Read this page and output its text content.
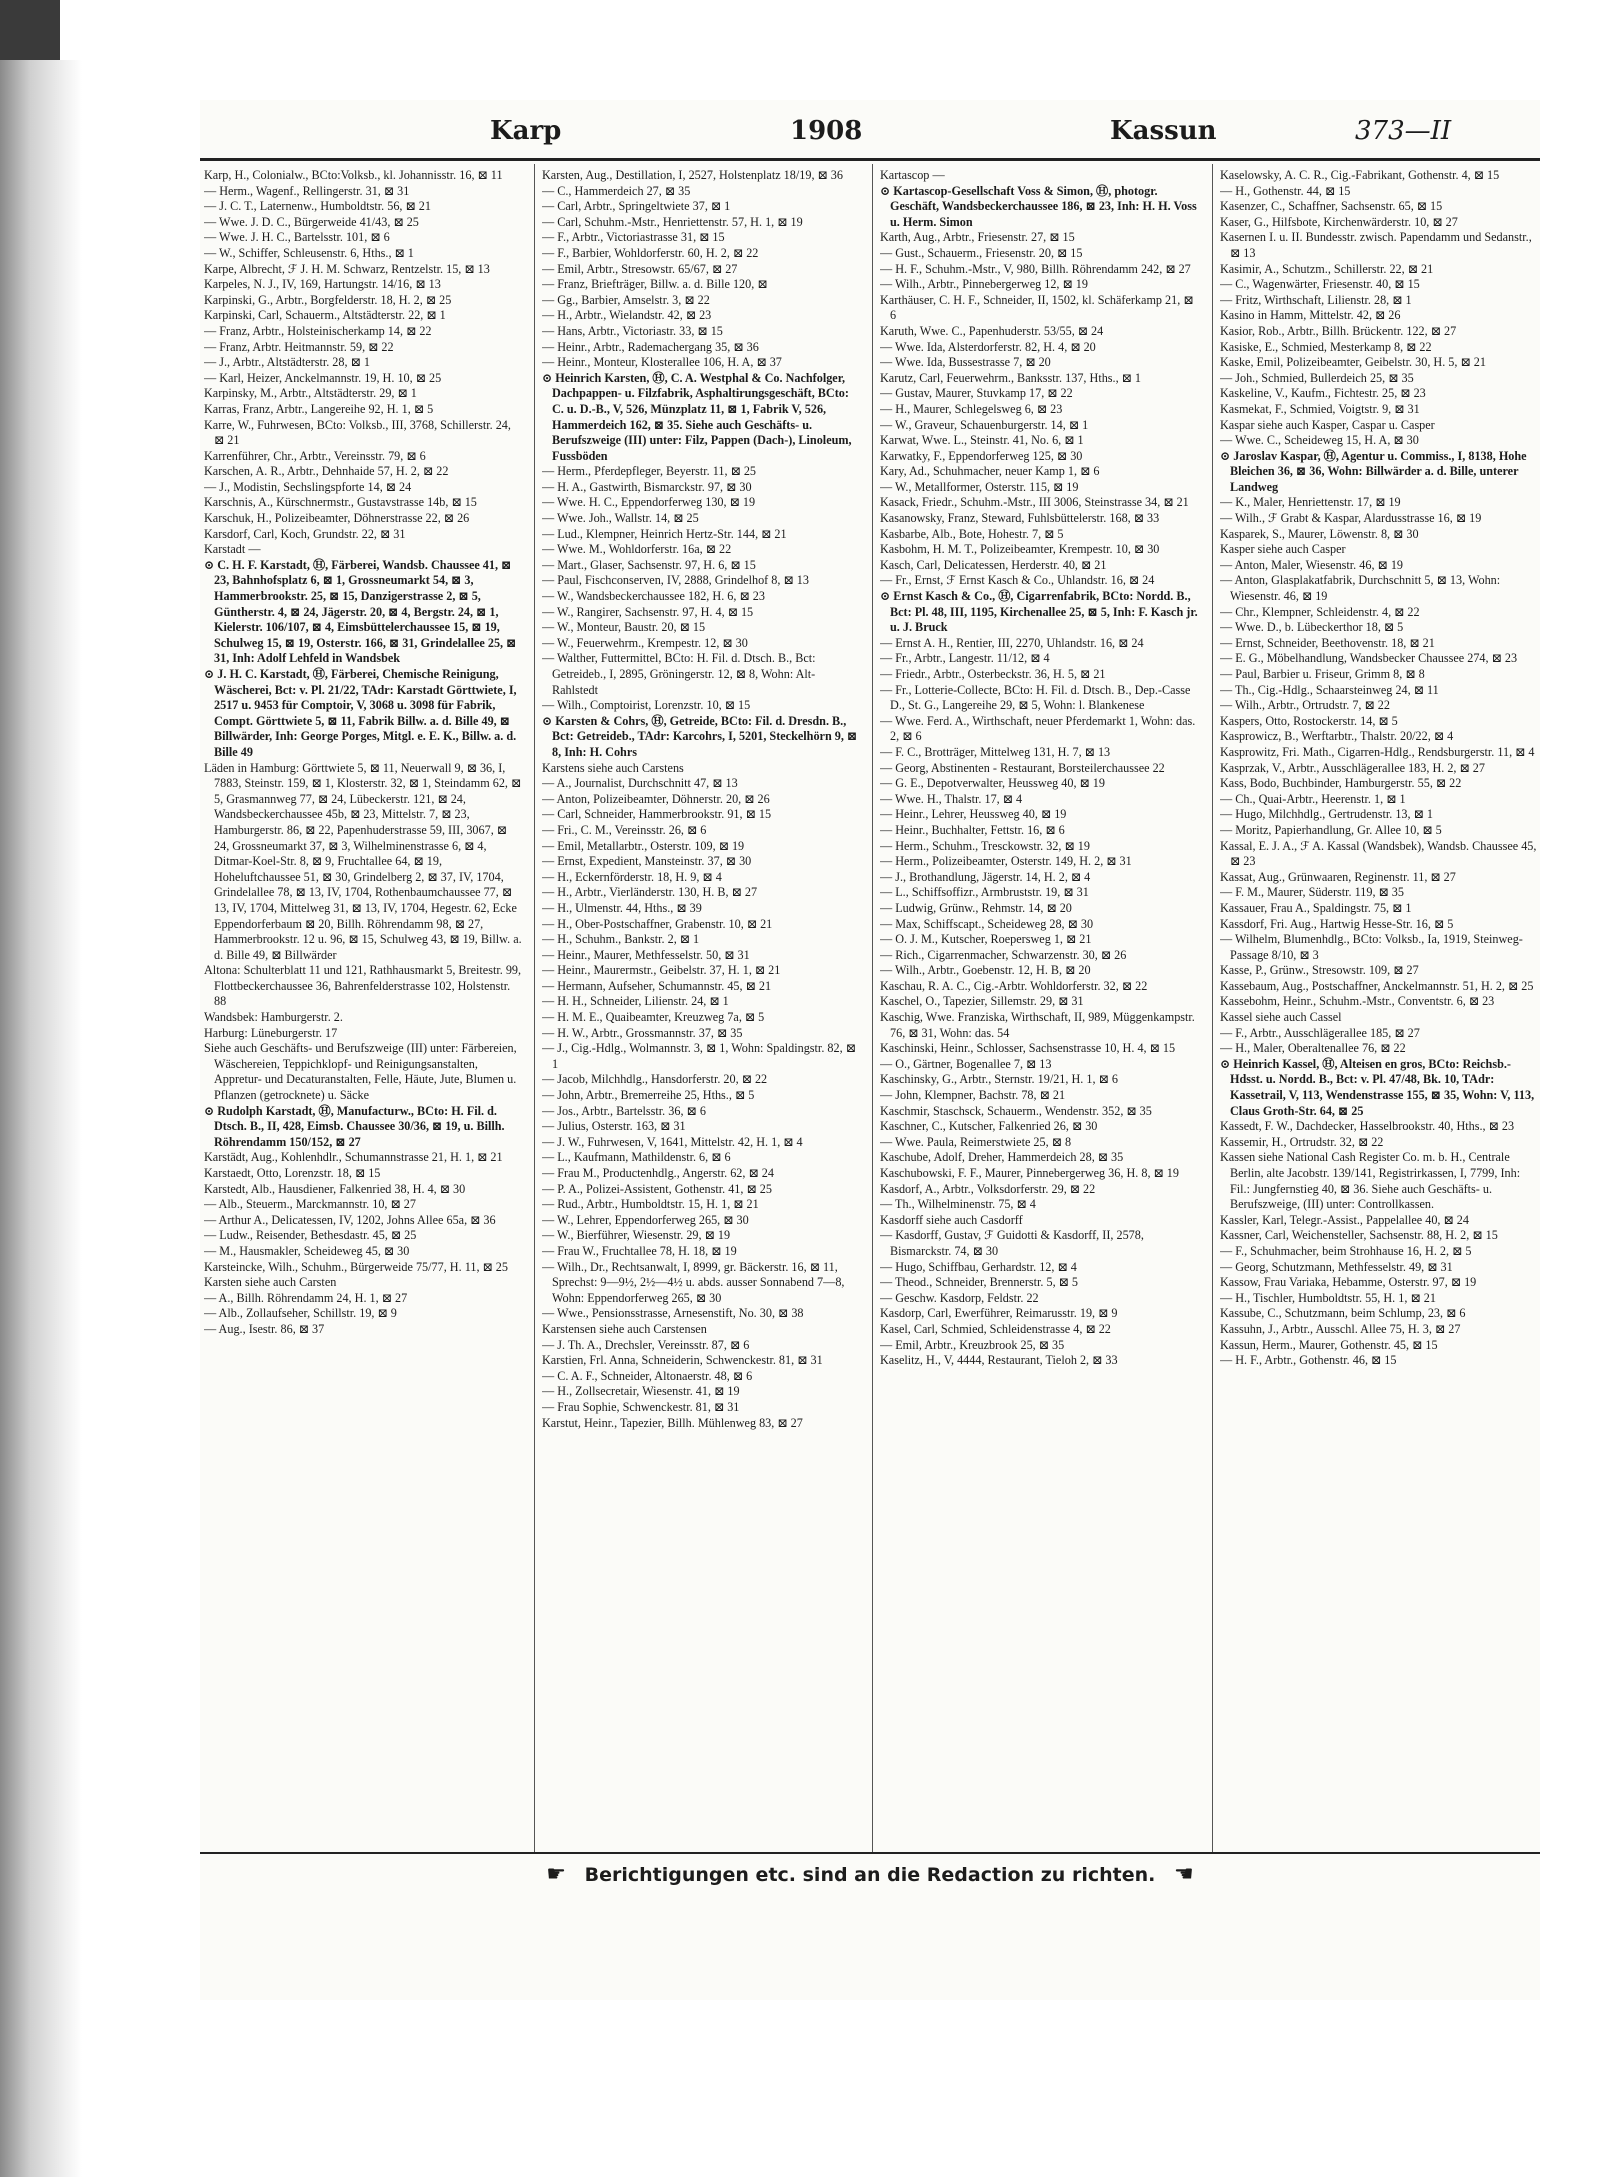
Karp	1908	Kassun	373—II

Karp, H., Colonialw., BCto:Volksb., kl. Johannisstr. 16, ⊠ 11

— Herm., Wagenf., Rellingerstr. 31, ⊠ 31

— J. C. T., Laternenw., Humboldtstr. 56, ⊠ 21

— Wwe. J. D. C., Bürgerweide 41/43, ⊠ 25

— Wwe. J. H. C., Bartelsstr. 101, ⊠ 6

— W., Schiffer, Schleusenstr. 6, Hths., ⊠ 1

Karpe, Albrecht, ℱ J. H. M. Schwarz, Rentzelstr. 15, ⊠ 13

Karpeles, N. J., IV, 169, Hartungstr. 14/16, ⊠ 13

Karpinski, G., Arbtr., Borgfelderstr. 18, H. 2, ⊠ 25

Karpinski, Carl, Schauerm., Altstädterstr. 22, ⊠ 1

— Franz, Arbtr., Holsteinischerkamp 14, ⊠ 22

— Franz, Arbtr. Heitmannstr. 59, ⊠ 22

— J., Arbtr., Altstädterstr. 28, ⊠ 1

— Karl, Heizer, Anckelmannstr. 19, H. 10, ⊠ 25

Karpinsky, M., Arbtr., Altstädterstr. 29, ⊠ 1

Karras, Franz, Arbtr., Langereihe 92, H. 1, ⊠ 5

Karre, W., Fuhrwesen, BCto: Volksb., III, 3768, Schillerstr. 24, ⊠ 21

Karrenführer, Chr., Arbtr., Vereinsstr. 79, ⊠ 6

Karschen, A. R., Arbtr., Dehnhaide 57, H. 2, ⊠ 22

— J., Modistin, Sechslingspforte 14, ⊠ 24

Karschnis, A., Kürschnermstr., Gustavstrasse 14b, ⊠ 15

Karschuk, H., Polizeibeamter, Döhnerstrasse 22, ⊠ 26

Karsdorf, Carl, Koch, Grundstr. 22, ⊠ 31

Karstadt —

⊙ C. H. F. Karstadt, Ⓗ, Färberei, Wandsb. Chaussee 41, ⊠ 23, Bahnhofsplatz 6, ⊠ 1, Grossneumarkt 54, ⊠ 3, Hammerbrookstr. 25, ⊠ 15, Danzigerstrasse 2, ⊠ 5, Güntherstr. 4, ⊠ 24, Jägerstr. 20, ⊠ 4, Bergstr. 24, ⊠ 1, Kielerstr. 106/107, ⊠ 4, Eimsbüttelerchaussee 15, ⊠ 19, Schulweg 15, ⊠ 19, Osterstr. 166, ⊠ 31, Grindelallee 25, ⊠ 31, Inh: Adolf Lehfeld in Wandsbek

⊙ J. H. C. Karstadt, Ⓗ, Färberei, Chemische Reinigung, Wäscherei, Bct: v. Pl. 21/22, TAdr: Karstadt Görttwiete, I, 2517 u. 9453 für Comptoir, V, 3068 u. 3098 für Fabrik, Compt. Görttwiete 5, ⊠ 11, Fabrik Billw. a. d. Bille 49, ⊠ Billwärder, Inh: George Porges, Mitgl. e. E. K., Billw. a. d. Bille 49

Läden in Hamburg: Görttwiete 5, ⊠ 11, Neuerwall 9, ⊠ 36, I, 7883, Steinstr. 159, ⊠ 1, Klosterstr. 32, ⊠ 1, Steindamm 62, ⊠ 5, Grasmannweg 77, ⊠ 24, Lübeckerstr. 121, ⊠ 24, Wandsbeckerchaussee 45b, ⊠ 23, Mittelstr. 7, ⊠ 23, Hamburgerstr. 86, ⊠ 22, Papenhuderstrasse 59, III, 3067, ⊠ 24, Grossneumarkt 37, ⊠ 3, Wilhelminenstrasse 6, ⊠ 4, Ditmar-Koel-Str. 8, ⊠ 9, Fruchtallee 64, ⊠ 19, Hoheluftchaussee 51, ⊠ 30, Grindelberg 2, ⊠ 37, IV, 1704, Grindelallee 78, ⊠ 13, IV, 1704, Rothenbaumchaussee 77, ⊠ 13, IV, 1704, Mittelweg 31, ⊠ 13, IV, 1704, Hegestr. 62, Ecke Eppendorferbaum ⊠ 20, Billh. Röhrendamm 98, ⊠ 27, Hammerbrookstr. 12 u. 96, ⊠ 15, Schulweg 43, ⊠ 19, Billw. a. d. Bille 49, ⊠ Billwärder

Altona: Schulterblatt 11 und 121, Rathhausmarkt 5, Breitestr. 99, Flottbeckerchaussee 36, Bahrenfelderstrasse 102, Holstenstr. 88

Wandsbek: Hamburgerstr. 2.

Harburg: Lüneburgerstr. 17

Siehe auch Geschäfts- und Berufszweige (III) unter: Färbereien, Wäschereien, Teppichklopf- und Reinigungsanstalten, Appretur- und Decaturanstalten, Felle, Häute, Jute, Blumen u. Pflanzen (getrocknete) u. Säcke

⊙ Rudolph Karstadt, Ⓗ, Manufacturw., BCto: H. Fil. d. Dtsch. B., II, 428, Eimsb. Chaussee 30/36, ⊠ 19, u. Billh. Röhrendamm 150/152, ⊠ 27

Karstädt, Aug., Kohlenhdlr., Schumannstrasse 21, H. 1, ⊠ 21

Karstaedt, Otto, Lorenzstr. 18, ⊠ 15

Karstedt, Alb., Hausdiener, Falkenried 38, H. 4, ⊠ 30

— Alb., Steuerm., Marckmannstr. 10, ⊠ 27

— Arthur A., Delicatessen, IV, 1202, Johns Allee 65a, ⊠ 36

— Ludw., Reisender, Bethesdastr. 45, ⊠ 25

— M., Hausmakler, Scheideweg 45, ⊠ 30

Karsteincke, Wilh., Schuhm., Bürgerweide 75/77, H. 11, ⊠ 25

Karsten siehe auch Carsten

— A., Billh. Röhrendamm 24, H. 1, ⊠ 27

— Alb., Zollaufseher, Schillstr. 19, ⊠ 9

— Aug., Isestr. 86, ⊠ 37

Karsten, Aug., Destillation, I, 2527, Holstenplatz 18/19, ⊠ 36

— C., Hammerdeich 27, ⊠ 35

— Carl, Arbtr., Springeltwiete 37, ⊠ 1

— Carl, Schuhm.-Mstr., Henriettenstr. 57, H. 1, ⊠ 19

— F., Arbtr., Victoriastrasse 31, ⊠ 15

— F., Barbier, Wohldorferstr. 60, H. 2, ⊠ 22

— Emil, Arbtr., Stresowstr. 65/67, ⊠ 27

— Franz, Briefträger, Billw. a. d. Bille 120, ⊠

— Gg., Barbier, Amselstr. 3, ⊠ 22

— H., Arbtr., Wielandstr. 42, ⊠ 23

— Hans, Arbtr., Victoriastr. 33, ⊠ 15

— Heinr., Arbtr., Rademachergang 35, ⊠ 36

— Heinr., Monteur, Klosterallee 106, H. A, ⊠ 37

⊙ Heinrich Karsten, Ⓗ, C. A. Westphal & Co. Nachfolger, Dachpappen- u. Filzfabrik, Asphaltirungsgeschäft, BCto: C. u. D.-B., V, 526, Münzplatz 11, ⊠ 1, Fabrik V, 526, Hammerdeich 162, ⊠ 35. Siehe auch Geschäfts- u. Berufszweige (III) unter: Filz, Pappen (Dach-), Linoleum, Fussböden

— Herm., Pferdepfleger, Beyerstr. 11, ⊠ 25

— H. A., Gastwirth, Bismarckstr. 97, ⊠ 30

— Wwe. H. C., Eppendorferweg 130, ⊠ 19

— Wwe. Joh., Wallstr. 14, ⊠ 25

— Lud., Klempner, Heinrich Hertz-Str. 144, ⊠ 21

— Wwe. M., Wohldorferstr. 16a, ⊠ 22

— Mart., Glaser, Sachsenstr. 97, H. 6, ⊠ 15

— Paul, Fischconserven, IV, 2888, Grindelhof 8, ⊠ 13

— W., Wandsbeckerchaussee 182, H. 6, ⊠ 23

— W., Rangirer, Sachsenstr. 97, H. 4, ⊠ 15

— W., Monteur, Baustr. 20, ⊠ 15

— W., Feuerwehrm., Krempestr. 12, ⊠ 30

— Walther, Futtermittel, BCto: H. Fil. d. Dtsch. B., Bct: Getreideb., I, 2895, Gröningerstr. 12, ⊠ 8, Wohn: Alt-Rahlstedt

— Wilh., Comptoirist, Lorenzstr. 10, ⊠ 15

⊙ Karsten & Cohrs, Ⓗ, Getreide, BCto: Fil. d. Dresdn. B., Bct: Getreideb., TAdr: Karcohrs, I, 5201, Steckelhörn 9, ⊠ 8, Inh: H. Cohrs

Karstens siehe auch Carstens

— A., Journalist, Durchschnitt 47, ⊠ 13

— Anton, Polizeibeamter, Döhnerstr. 20, ⊠ 26

— Carl, Schneider, Hammerbrookstr. 91, ⊠ 15

— Fri., C. M., Vereinsstr. 26, ⊠ 6

— Emil, Metallarbtr., Osterstr. 109, ⊠ 19

— Ernst, Expedient, Mansteinstr. 37, ⊠ 30

— H., Eckernförderstr. 18, H. 9, ⊠ 4

— H., Arbtr., Vierländerstr. 130, H. B, ⊠ 27

— H., Ulmenstr. 44, Hths., ⊠ 39

— H., Ober-Postschaffner, Grabenstr. 10, ⊠ 21

— H., Schuhm., Bankstr. 2, ⊠ 1

— Heinr., Maurer, Methfesselstr. 50, ⊠ 31

— Heinr., Maurermstr., Geibelstr. 37, H. 1, ⊠ 21

— Hermann, Aufseher, Schumannstr. 45, ⊠ 21

— H. H., Schneider, Lilienstr. 24, ⊠ 1

— H. M. E., Quaibeamter, Kreuzweg 7a, ⊠ 5

— H. W., Arbtr., Grossmannstr. 37, ⊠ 35

— J., Cig.-Hdlg., Wolmannstr. 3, ⊠ 1, Wohn: Spaldingstr. 82, ⊠ 1

— Jacob, Milchhdlg., Hansdorferstr. 20, ⊠ 22

— John, Arbtr., Bremerreihe 25, Hths., ⊠ 5

— Jos., Arbtr., Bartelsstr. 36, ⊠ 6

— Julius, Osterstr. 163, ⊠ 31

— J. W., Fuhrwesen, V, 1641, Mittelstr. 42, H. 1, ⊠ 4

— L., Kaufmann, Mathildenstr. 6, ⊠ 6

— Frau M., Productenhdlg., Angerstr. 62, ⊠ 24

— P. A., Polizei-Assistent, Gothenstr. 41, ⊠ 25

— Rud., Arbtr., Humboldtstr. 15, H. 1, ⊠ 21

— W., Lehrer, Eppendorferweg 265, ⊠ 30

— W., Bierführer, Wiesenstr. 29, ⊠ 19

— Frau W., Fruchtallee 78, H. 18, ⊠ 19

— Wilh., Dr., Rechtsanwalt, I, 8999, gr. Bäckerstr. 16, ⊠ 11, Sprechst: 9—9½, 2½—4½ u. abds. ausser Sonnabend 7—8, Wohn: Eppendorferweg 265, ⊠ 30

— Wwe., Pensionsstrasse, Arnesenstift, No. 30, ⊠ 38

Karstensen siehe auch Carstensen

— J. Th. A., Drechsler, Vereinsstr. 87, ⊠ 6

Karstien, Frl. Anna, Schneiderin, Schwenckestr. 81, ⊠ 31

— C. A. F., Schneider, Altonaerstr. 48, ⊠ 6

— H., Zollsecretair, Wiesenstr. 41, ⊠ 19

— Frau Sophie, Schwenckestr. 81, ⊠ 31

Karstut, Heinr., Tapezier, Billh. Mühlenweg 83, ⊠ 27

Kartascop —

⊙ Kartascop-Gesellschaft Voss & Simon, Ⓗ, photogr. Geschäft, Wandsbeckerchaussee 186, ⊠ 23, Inh: H. H. Voss u. Herm. Simon

Karth, Aug., Arbtr., Friesenstr. 27, ⊠ 15

— Gust., Schauerm., Friesenstr. 20, ⊠ 15

— H. F., Schuhm.-Mstr., V, 980, Billh. Röhrendamm 242, ⊠ 27

— Wilh., Arbtr., Pinnebergerweg 12, ⊠ 19

Karthäuser, C. H. F., Schneider, II, 1502, kl. Schäferkamp 21, ⊠ 6

Karuth, Wwe. C., Papenhuderstr. 53/55, ⊠ 24

— Wwe. Ida, Alsterdorferstr. 82, H. 4, ⊠ 20

— Wwe. Ida, Bussestrasse 7, ⊠ 20

Karutz, Carl, Feuerwehrm., Banksstr. 137, Hths., ⊠ 1

— Gustav, Maurer, Stuvkamp 17, ⊠ 22

— H., Maurer, Schlegelsweg 6, ⊠ 23

— W., Graveur, Schauenburgerstr. 14, ⊠ 1

Karwat, Wwe. L., Steinstr. 41, No. 6, ⊠ 1

Karwatky, F., Eppendorferweg 125, ⊠ 30

Kary, Ad., Schuhmacher, neuer Kamp 1, ⊠ 6

— W., Metallformer, Osterstr. 115, ⊠ 19

Kasack, Friedr., Schuhm.-Mstr., III 3006, Steinstrasse 34, ⊠ 21

Kasanowsky, Franz, Steward, Fuhlsbüttelerstr. 168, ⊠ 33

Kasbarbe, Alb., Bote, Hohestr. 7, ⊠ 5

Kasbohm, H. M. T., Polizeibeamter, Krempestr. 10, ⊠ 30

Kasch, Carl, Delicatessen, Herderstr. 40, ⊠ 21

— Fr., Ernst, ℱ Ernst Kasch & Co., Uhlandstr. 16, ⊠ 24

⊙ Ernst Kasch & Co., Ⓗ, Cigarrenfabrik, BCto: Nordd. B., Bct: Pl. 48, III, 1195, Kirchenallee 25, ⊠ 5, Inh: F. Kasch jr. u. J. Bruck

— Ernst A. H., Rentier, III, 2270, Uhlandstr. 16, ⊠ 24

— Fr., Arbtr., Langestr. 11/12, ⊠ 4

— Friedr., Arbtr., Osterbeckstr. 36, H. 5, ⊠ 21

— Fr., Lotterie-Collecte, BCto: H. Fil. d. Dtsch. B., Dep.-Casse D., St. G., Langereihe 29, ⊠ 5, Wohn: l. Blankenese

— Wwe. Ferd. A., Wirthschaft, neuer Pferdemarkt 1, Wohn: das. 2, ⊠ 6

— F. C., Brotträger, Mittelweg 131, H. 7, ⊠ 13

— Georg, Abstinenten - Restaurant, Borsteilerchaussee 22

— G. E., Depotverwalter, Heussweg 40, ⊠ 19

— Wwe. H., Thalstr. 17, ⊠ 4

— Heinr., Lehrer, Heussweg 40, ⊠ 19

— Heinr., Buchhalter, Fettstr. 16, ⊠ 6

— Herm., Schuhm., Tresckowstr. 32, ⊠ 19

— Herm., Polizeibeamter, Osterstr. 149, H. 2, ⊠ 31

— J., Brothandlung, Jägerstr. 14, H. 2, ⊠ 4

— L., Schiffsoffizr., Armbruststr. 19, ⊠ 31

— Ludwig, Grünw., Rehmstr. 14, ⊠ 20

— Max, Schiffscapt., Scheideweg 28, ⊠ 30

— O. J. M., Kutscher, Roepersweg 1, ⊠ 21

— Rich., Cigarrenmacher, Schwarzenstr. 30, ⊠ 26

— Wilh., Arbtr., Goebenstr. 12, H. B, ⊠ 20

Kaschau, R. A. C., Cig.-Arbtr. Wohldorferstr. 32, ⊠ 22

Kaschel, O., Tapezier, Sillemstr. 29, ⊠ 31

Kaschig, Wwe. Franziska, Wirthschaft, II, 989, Müggenkampstr. 76, ⊠ 31, Wohn: das. 54

Kaschinski, Heinr., Schlosser, Sachsenstrasse 10, H. 4, ⊠ 15

— O., Gärtner, Bogenallee 7, ⊠ 13

Kaschinsky, G., Arbtr., Sternstr. 19/21, H. 1, ⊠ 6

— John, Klempner, Bachstr. 78, ⊠ 21

Kaschmir, Staschsck, Schauerm., Wendenstr. 352, ⊠ 35

Kaschner, C., Kutscher, Falkenried 26, ⊠ 30

— Wwe. Paula, Reimerstwiete 25, ⊠ 8

Kaschube, Adolf, Dreher, Hammerdeich 28, ⊠ 35

Kaschubowski, F. F., Maurer, Pinnebergerweg 36, H. 8, ⊠ 19

Kasdorf, A., Arbtr., Volksdorferstr. 29, ⊠ 22

— Th., Wilhelminenstr. 75, ⊠ 4

Kasdorff siehe auch Casdorff

— Kasdorff, Gustav, ℱ Guidotti & Kasdorff, II, 2578, Bismarckstr. 74, ⊠ 30

— Hugo, Schiffbau, Gerhardstr. 12, ⊠ 4

— Theod., Schneider, Brennerstr. 5, ⊠ 5

— Geschw. Kasdorp, Feldstr. 22

Kasdorp, Carl, Ewerführer, Reimarusstr. 19, ⊠ 9

Kasel, Carl, Schmied, Schleidenstrasse 4, ⊠ 22

— Emil, Arbtr., Kreuzbrook 25, ⊠ 35

Kaselitz, H., V, 4444, Restaurant, Tieloh 2, ⊠ 33

Kaselowsky, A. C. R., Cig.-Fabrikant, Gothenstr. 4, ⊠ 15

— H., Gothenstr. 44, ⊠ 15

Kasenzer, C., Schaffner, Sachsenstr. 65, ⊠ 15

Kaser, G., Hilfsbote, Kirchenwärderstr. 10, ⊠ 27

Kasernen I. u. II. Bundesstr. zwisch. Papendamm und Sedanstr., ⊠ 13

Kasimir, A., Schutzm., Schillerstr. 22, ⊠ 21

— C., Wagenwärter, Friesenstr. 40, ⊠ 15

— Fritz, Wirthschaft, Lilienstr. 28, ⊠ 1

Kasino in Hamm, Mittelstr. 42, ⊠ 26

Kasior, Rob., Arbtr., Billh. Brückentr. 122, ⊠ 27

Kasiske, E., Schmied, Mesterkamp 8, ⊠ 22

Kaske, Emil, Polizeibeamter, Geibelstr. 30, H. 5, ⊠ 21

— Joh., Schmied, Bullerdeich 25, ⊠ 35

Kaskeline, V., Kaufm., Fichtestr. 25, ⊠ 23

Kasmekat, F., Schmied, Voigtstr. 9, ⊠ 31

Kaspar siehe auch Kasper, Caspar u. Casper

— Wwe. C., Scheideweg 15, H. A, ⊠ 30

⊙ Jaroslav Kaspar, Ⓗ, Agentur u. Commiss., I, 8138, Hohe Bleichen 36, ⊠ 36, Wohn: Billwärder a. d. Bille, unterer Landweg

— K., Maler, Henriettenstr. 17, ⊠ 19

— Wilh., ℱ Grabt & Kaspar, Alardusstrasse 16, ⊠ 19

Kasparek, S., Maurer, Löwenstr. 8, ⊠ 30

Kasper siehe auch Casper

— Anton, Maler, Wiesenstr. 46, ⊠ 19

— Anton, Glasplakatfabrik, Durchschnitt 5, ⊠ 13, Wohn: Wiesenstr. 46, ⊠ 19

— Chr., Klempner, Schleidenstr. 4, ⊠ 22

— Wwe. D., b. Lübeckerthor 18, ⊠ 5

— Ernst, Schneider, Beethovenstr. 18, ⊠ 21

— E. G., Möbelhandlung, Wandsbecker Chaussee 274, ⊠ 23

— Paul, Barbier u. Friseur, Grimm 8, ⊠ 8

— Th., Cig.-Hdlg., Schaarsteinweg 24, ⊠ 11

— Wilh., Arbtr., Ortrudstr. 7, ⊠ 22

Kaspers, Otto, Rostockerstr. 14, ⊠ 5

Kasprowicz, B., Werftarbtr., Thalstr. 20/22, ⊠ 4

Kasprowitz, Fri. Math., Cigarren-Hdlg., Rendsburgerstr. 11, ⊠ 4

Kasprzak, V., Arbtr., Ausschlägerallee 183, H. 2, ⊠ 27

Kass, Bodo, Buchbinder, Hamburgerstr. 55, ⊠ 22

— Ch., Quai-Arbtr., Heerenstr. 1, ⊠ 1

— Hugo, Milchhdlg., Gertrudenstr. 13, ⊠ 1

— Moritz, Papierhandlung, Gr. Allee 10, ⊠ 5

Kassal, E. J. A., ℱ A. Kassal (Wandsbek), Wandsb. Chaussee 45, ⊠ 23

Kassat, Aug., Grünwaaren, Reginenstr. 11, ⊠ 27

— F. M., Maurer, Süderstr. 119, ⊠ 35

Kassauer, Frau A., Spaldingstr. 75, ⊠ 1

Kassdorf, Fri. Aug., Hartwig Hesse-Str. 16, ⊠ 5

— Wilhelm, Blumenhdlg., BCto: Volksb., Ia, 1919, Steinweg-Passage 8/10, ⊠ 3

Kasse, P., Grünw., Stresowstr. 109, ⊠ 27

Kassebaum, Aug., Postschaffner, Anckelmannstr. 51, H. 2, ⊠ 25

Kassebohm, Heinr., Schuhm.-Mstr., Conventstr. 6, ⊠ 23

Kassel siehe auch Cassel

— F., Arbtr., Ausschlägerallee 185, ⊠ 27

— H., Maler, Oberaltenallee 76, ⊠ 22

⊙ Heinrich Kassel, Ⓗ, Alteisen en gros, BCto: Reichsb.-Hdsst. u. Nordd. B., Bct: v. Pl. 47/48, Bk. 10, TAdr: Kassetrail, V, 113, Wendenstrasse 155, ⊠ 35, Wohn: V, 113, Claus Groth-Str. 64, ⊠ 25

Kassedt, F. W., Dachdecker, Hasselbrookstr. 40, Hths., ⊠ 23

Kassemir, H., Ortrudstr. 32, ⊠ 22

Kassen siehe National Cash Register Co. m. b. H., Centrale Berlin, alte Jacobstr. 139/141, Registrirkassen, I, 7799, Inh: Fil.: Jungfernstieg 40, ⊠ 36. Siehe auch Geschäfts- u. Berufszweige, (III) unter: Controllkassen.

Kassler, Karl, Telegr.-Assist., Pappelallee 40, ⊠ 24

Kassner, Carl, Weichensteller, Sachsenstr. 88, H. 2, ⊠ 15

— F., Schuhmacher, beim Strohhause 16, H. 2, ⊠ 5

— Georg, Schutzmann, Methfesselstr. 49, ⊠ 31

Kassow, Frau Variaka, Hebamme, Osterstr. 97, ⊠ 19

— H., Tischler, Humboldtstr. 55, H. 1, ⊠ 21

Kassube, C., Schutzmann, beim Schlump, 23, ⊠ 6

Kassuhn, J., Arbtr., Ausschl. Allee 75, H. 3, ⊠ 27

Kassun, Herm., Maurer, Gothenstr. 45, ⊠ 15

— H. F., Arbtr., Gothenstr. 46, ⊠ 15

☛ Berichtigungen etc. sind an die Redaction zu richten. ☚
